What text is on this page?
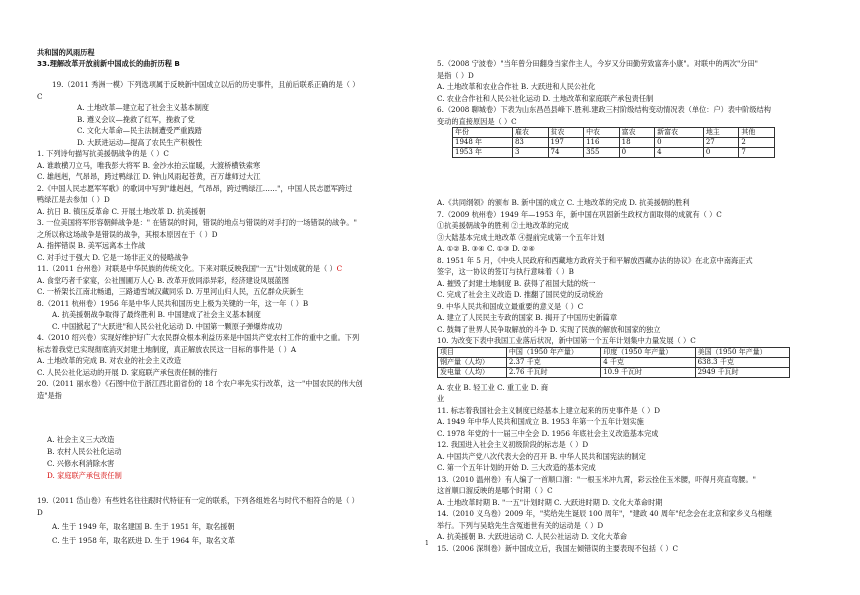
共和国的风雨历程
33.理解改革开放前新中国成长的曲折历程 B
19.（2011 秀洲一模）下列选项属于反映新中国成立以后的历史事件，且前后联系正确的是（ ）
C
A. 土地改革—建立起了社会主义基本制度
B. 遵义会议—挽救了红军，挽救了党
C. 文化大革命—民主法制遭受严重践踏
D. 大跃进运动—提高了农民生产积极性
1. 下列诗句描写抗美援朝战争的是（ ）C
A. 谁敢横刀立马，唯我彭大将军 B. 金沙水拍云崖暖，大渡桥横铁索寒
C. 雄赳赳，气昂昂，跨过鸭绿江 D. 钟山风雨起苍黄，百万雄师过大江
2.《中国人民志愿军军歌》的歌词中写到"雄赳赳，气昂昂，跨过鸭绿江……"，中国人民志愿军跨过
鸭绿江是去参加（ ）D
A. 抗日 B. 镇压反革命 C. 开展土地改革 D. 抗美援朝
3. 一位美国将军形容朝鲜战争是：" 在错误的时间，错误的地点与错误的对手打的一场错误的战争。"
之所以称这场战争是错误的战争，其根本原因在于（ ）D
A. 指挥错误 B. 美军远离本土作战
C. 对手过于强大 D. 它是一场非正义的侵略战争
11.（2011 台州卷）对联是中华民族的传统文化。下来对联反映我国"一五"计划成就的是（ ）C
A. 食堂巧者千家宴，公社围圃万人心 B. 改革开放同添异彩，经济建设凤展蓝图
C. 一桥架长江南北畅通，三路通雪域汉藏同乐 D. 万里河山归人民，五亿群众庆新生
8.（2011 杭州卷）1956 年是中华人民共和国历史上极为关键的一年，这一年（ ）B
A. 抗美援朝战争取得了最终胜利 B. 中国建成了社会主义基本制度
C. 中国掀起了"大跃进"和人民公社化运动 D. 中国第一颗原子弹爆炸成功
4.（2010 绍兴卷）实现好维护好广大农民群众根本利益历来是中国共产党农村工作的重中之重。下列
标志着我党已实现彻底消灭封建土地制度，真正解放农民这一目标的事件是（ ）A
A. 土地改革的完成 B. 对农业的社会主义改造
C. 人民公社化运动的开展 D. 家庭联产承包责任制的推行
20.（2011 丽水卷）《石图中位于浙江西北面省份的 18 个农户率先实行改革，这一"中国农民的伟大创
造"是指
A. 社会主义三大改造
B. 农村人民公社化运动
C. 兴修水利消除水害
D. 家庭联产承包责任制
19.（2011 岱山卷）有些姓名往往跟时代特征有一定的联系，下列各组姓名与时代不相符合的是（ ）
D
A. 生于 1949 年，取名建国 B. 生于 1951 年，取名援朝
C. 生于 1958 年，取名跃进 D. 生于 1964 年，取名文革
5.（2008 宁波卷）"当年曾分田翻身当家作主人，今岁又分田勤劳致富奔小康"。对联中的两次"分田"
是指（ ）D
A. 土地改革和农业合作社 B. 大跃进和人民公社化
C. 农业合作社和人民公社化运动 D. 土地改革和家庭联产承包责任制
6.（2008 聊城卷）下表为山东昌邑县峰下.胜利.建政三村阶级结构变动情况表（单位：户）表中阶级结构
变动的直接原因是（ ）C
A.《共同纲领》的颁布 B. 新中国的成立 C. 土地改革的完成 D. 抗美援朝的胜利
7.（2009 杭州卷）1949 年—1953 年，新中国在巩固新生政权方面取得的成就有（ ）C
①抗美援朝战争的胜利 ②土地改革的完成
③大陆基本完成土地改革 ④提前完成第一个五年计划
A. ①② B. ③④ C. ①③ D. ②④
8. 1951 年 5 月，《中央人民政府和西藏地方政府关于和平解放西藏办法的协议》在北京中南海正式
签字，这一协议的签订与执行意味着（ ）B
A. 摧毁了封建土地制度 B. 获得了祖国大陆的统一
C. 完成了社会主义改造 D. 推翻了国民党的反动统治
9. 中华人民共和国成立最重要的意义是（ ）C
A. 建立了人民民主专政的国家 B. 揭开了中国历史新篇章
C. 鼓舞了世界人民争取解放的斗争 D. 实现了民族的解放和国家的独立
10. 为改变下表中我国工业落后状况，新中国第一个五年计划集中力量发展（ ）C
A. 农业 B. 轻工业 C. 重工业 D. 商
业
11. 标志着我国社会主义制度已经基本上建立起来的历史事件是（ ）D
A. 1949 年中华人民共和国成立 B. 1953 年第一个五年计划实施
C. 1978 年党的十一届三中全会 D. 1956 年底社会主义改造基本完成
12. 我国进入社会主义初级阶段的标志是（ ）D
A. 中国共产党八次代表大会的召开 B. 中华人民共和国宪法的制定
C. 第一个五年计划的开始 D. 三大改造的基本完成
13.（2010 温州卷）有人编了一首顺口溜："一根玉米冲九霄，彩云拴住玉米腰，吓得月亮直弯腰。"
这首顺口溜反映的是哪个时期（ ）C
A. 土地改革时期 B. "一五"计划时期 C. 大跃进时期 D. 文化大革命时期
14.（2010 义乌卷）2009 年，"奖给先生诞辰 100 周年"，"建政 40 周年"纪念会在北京和家乡义乌相继
举行。下列与吴晗先生含冤逝世有关的运动是（ ）D
A. 抗美援朝 B. 大跃进运动 C. 人民公社运动 D. 文化大革命
15.（2006 深圳卷）新中国成立后，我国左倾错误的主要表现不包括（ ）C
年份	雇农	贫农	中农	富农	新富农	地主	其他
1948 年	83	197	116	18	0	27	2
1953 年	3	74	355	0	4	0	7
项目	中国（1950 年产量）	印度（1950 年产量）	美国（1950 年产量）
钢产量（人均）	2.37 千克	4 千克	638.3 千克
发电量（人均）	2.76 千瓦时	10.9 千瓦时	2949 千瓦时
1
